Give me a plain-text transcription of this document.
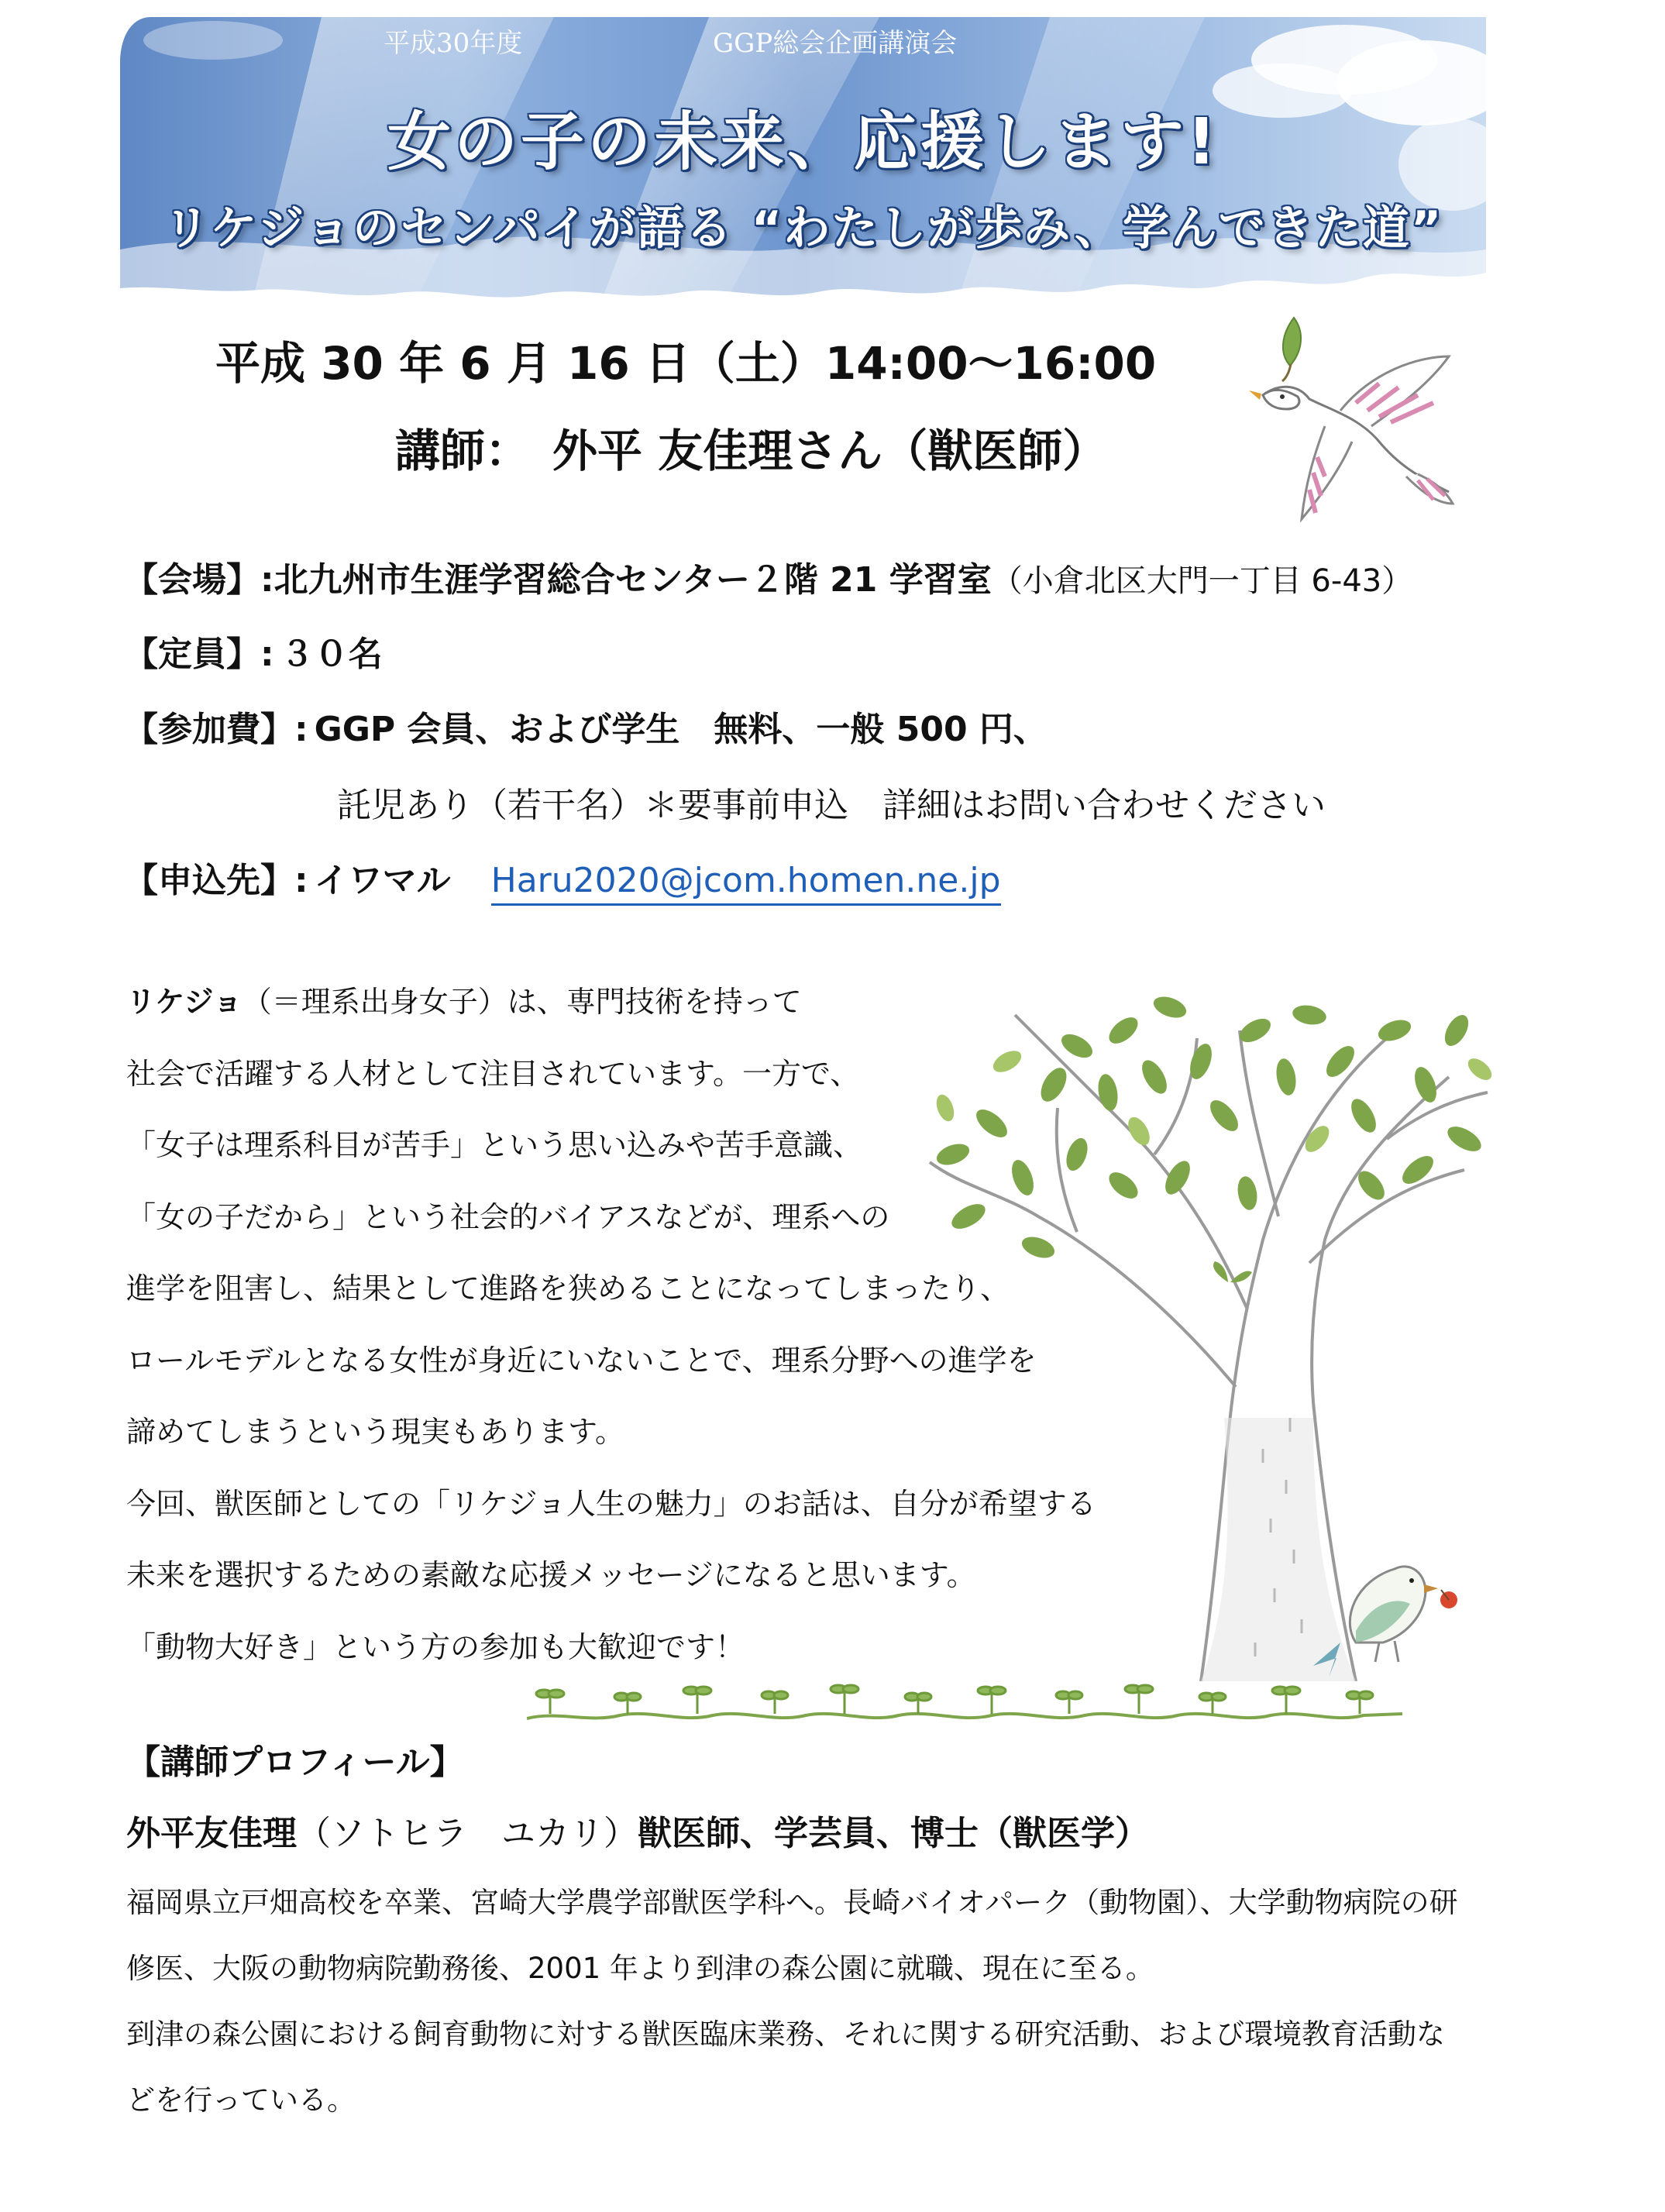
平成30年度	GGP総会企画講演会
女の子の未来、応援します!
リケジョのセンパイが語る “わたしが歩み、学んできた道”
平成 30 年 6 月 16 日（土）14:00～16:00
講師：　外平 友佳理さん（獣医師）
【会場】:北九州市生涯学習総合センター２階 21 学習室（小倉北区大門一丁目 6-43）
【定員】: ３０名
【参加費】: GGP 会員、および学生　無料、一般 500 円、
託児あり（若干名）＊要事前申込　詳細はお問い合わせください
【申込先】: イワマル Haru2020@jcom.homen.ne.jp
リケジョ（＝理系出身女子）は、専門技術を持って
社会で活躍する人材として注目されています。一方で、
「女子は理系科目が苦手」という思い込みや苦手意識、
「女の子だから」という社会的バイアスなどが、理系への
進学を阻害し、結果として進路を狭めることになってしまったり、
ロールモデルとなる女性が身近にいないことで、理系分野への進学を
諦めてしまうという現実もあります。
今回、獣医師としての「リケジョ人生の魅力」のお話は、自分が希望する
未来を選択するための素敵な応援メッセージになると思います。
「動物大好き」という方の参加も大歓迎です！
【講師プロフィール】
外平友佳理（ソトヒラ　ユカリ）獣医師、学芸員、博士（獣医学）
福岡県立戸畑高校を卒業、宮崎大学農学部獣医学科へ。長崎バイオパーク（動物園）、大学動物病院の研
修医、大阪の動物病院勤務後、2001 年より到津の森公園に就職、現在に至る。
到津の森公園における飼育動物に対する獣医臨床業務、それに関する研究活動、および環境教育活動な
どを行っている。
